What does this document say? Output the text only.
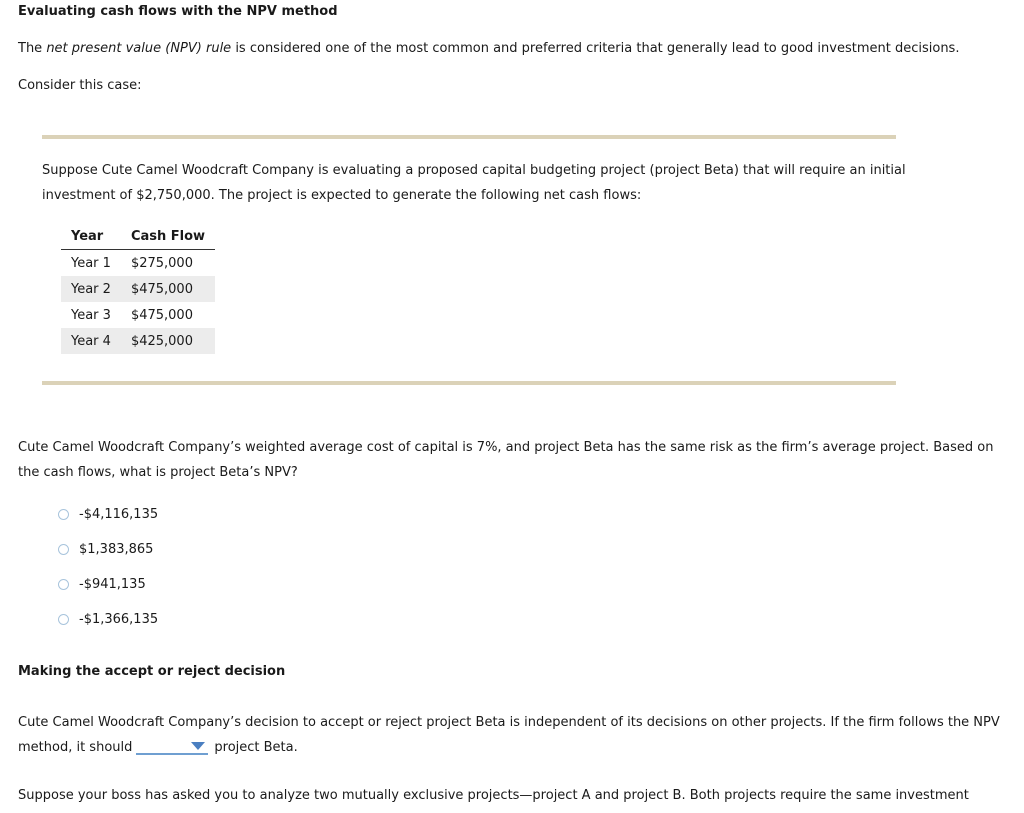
Evaluating cash flows with the NPV method
The net present value (NPV) rule is considered one of the most common and preferred criteria that generally lead to good investment decisions.
Consider this case:
Suppose Cute Camel Woodcraft Company is evaluating a proposed capital budgeting project (project Beta) that will require an initial
investment of $2,750,000. The project is expected to generate the following net cash flows:
Year	Cash Flow
Year 1	$275,000
Year 2	$475,000
Year 3	$475,000
Year 4	$425,000
Cute Camel Woodcraft Company’s weighted average cost of capital is 7%, and project Beta has the same risk as the firm’s average project. Based on
the cash flows, what is project Beta’s NPV?
-$4,116,135
$1,383,865
-$941,135
-$1,366,135
Making the accept or reject decision
Cute Camel Woodcraft Company’s decision to accept or reject project Beta is independent of its decisions on other projects. If the firm follows the NPV
method, it should	project Beta.
Suppose your boss has asked you to analyze two mutually exclusive projects—project A and project B. Both projects require the same investment
